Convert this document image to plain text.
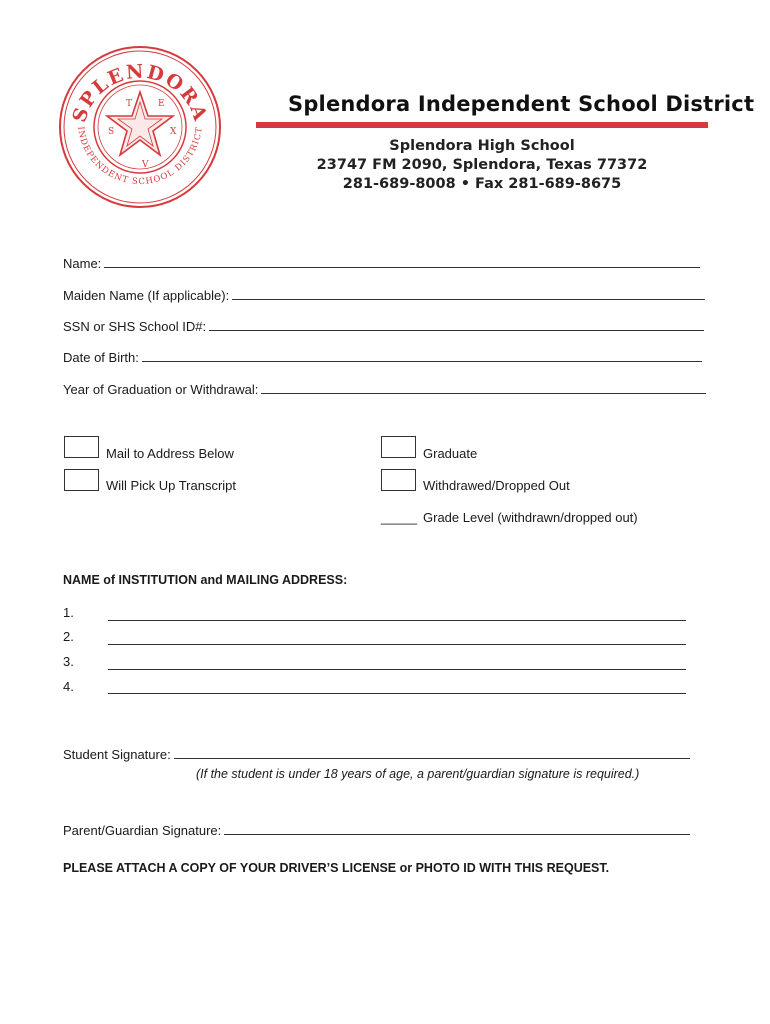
SPLENDORA
INDEPENDENT SCHOOL DISTRICT
T	E
X
S
V
Splendora Independent School District
Splendora High School
23747 FM 2090, Splendora, Texas 77372
281-689-8008 • Fax 281-689-8675
Name:
Maiden Name (If applicable):
SSN or SHS School ID#:
Date of Birth:
Year of Graduation or Withdrawal:
Mail to Address Below
Will Pick Up Transcript
Graduate
Withdrawed/Dropped Out
_____ Grade Level (withdrawn/dropped out)
NAME of INSTITUTION and MAILING ADDRESS:
1.
2.
3.
4.
Student Signature:
(If the student is under 18 years of age, a parent/guardian signature is required.)
Parent/Guardian Signature:
PLEASE ATTACH A COPY OF YOUR DRIVER’S LICENSE or PHOTO ID WITH THIS REQUEST.
